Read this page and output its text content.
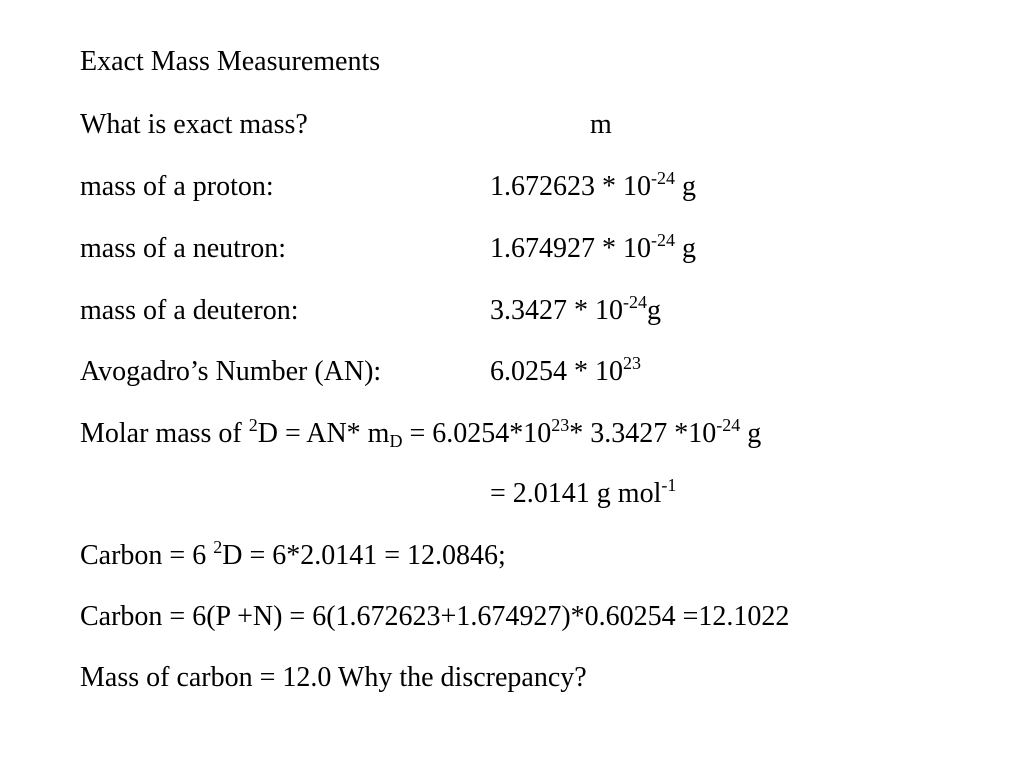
Exact Mass Measurements
What is exact mass?	m
mass of a proton:	$1.672623 * 10^{-24}$ g
mass of a neutron:	$1.674927 * 10^{-24}$ g
mass of a deuteron:	$3.3427 * 10^{-24}g$
Avogadro’s Number (AN):	$6.0254 * 10^{23}$
Molar mass of $^2$D = AN* $m_D = 6.0254*10^{23}*$ 3.3427 $*10^{-24}$ g
= 2.0141 g mol$^{-1}$
Carbon = 6 $^2$D = 6*2.0141 = 12.0846;
Carbon = 6(P +N) = 6(1.672623+1.674927)*0.60254 =12.1022
Mass of carbon = 12.0 Why the discrepancy?
